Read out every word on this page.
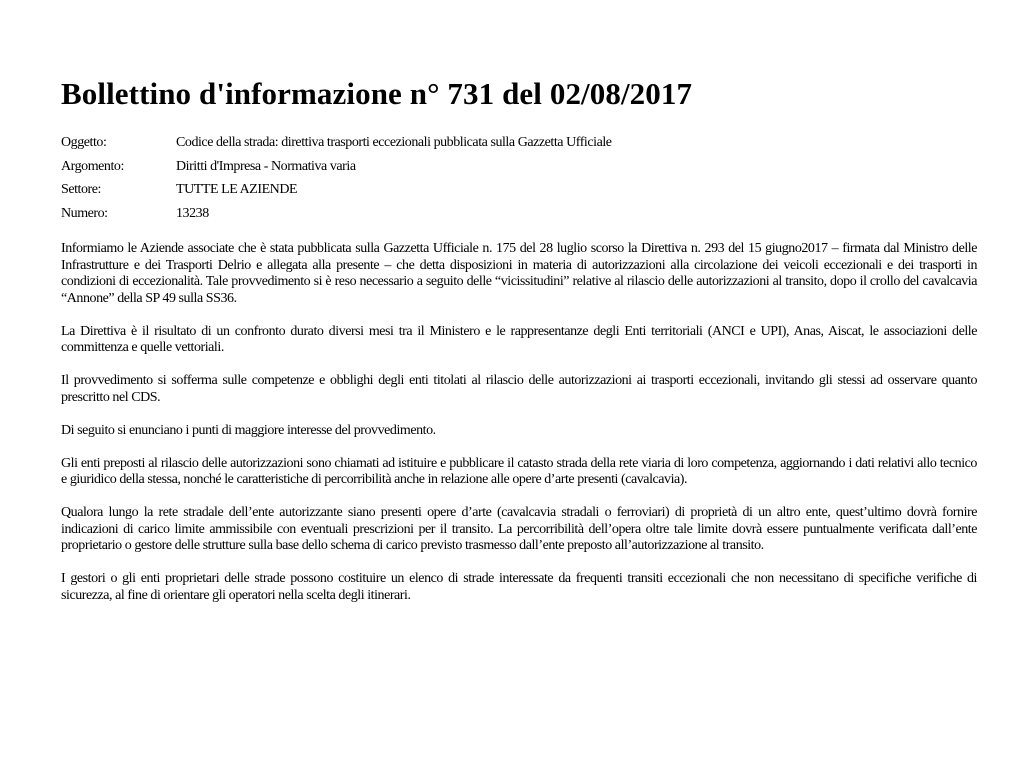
Bollettino d'informazione n° 731 del 02/08/2017
Oggetto:	Codice della strada: direttiva trasporti eccezionali pubblicata sulla Gazzetta Ufficiale
Argomento:	Diritti d'Impresa - Normativa varia
Settore:	TUTTE LE AZIENDE
Numero:	13238

Informiamo le Aziende associate che è stata pubblicata sulla Gazzetta Ufficiale n. 175 del 28 luglio scorso la Direttiva n. 293 del 15 giugno2017 – firmata dal Ministro delle Infrastrutture e dei Trasporti Delrio e allegata alla presente – che detta disposizioni in materia di autorizzazioni alla circolazione dei veicoli eccezionali e dei trasporti in condizioni di eccezionalità. Tale provvedimento si è reso necessario a seguito delle “vicissitudini” relative al rilascio delle autorizzazioni al transito, dopo il crollo del cavalcavia “Annone” della SP 49 sulla SS36.

La Direttiva è il risultato di un confronto durato diversi mesi tra il Ministero e le rappresentanze degli Enti territoriali (ANCI e UPI), Anas, Aiscat, le associazioni delle committenza e quelle vettoriali.

Il provvedimento si sofferma sulle competenze e obblighi degli enti titolati al rilascio delle autorizzazioni ai trasporti eccezionali, invitando gli stessi ad osservare quanto prescritto nel CDS.

Di seguito si enunciano i punti di maggiore interesse del provvedimento.

Gli enti preposti al rilascio delle autorizzazioni sono chiamati ad istituire e pubblicare il catasto strada della rete viaria di loro competenza, aggiornando i dati relativi allo tecnico e giuridico della stessa, nonché le caratteristiche di percorribilità anche in relazione alle opere d’arte presenti (cavalcavia).

Qualora lungo la rete stradale dell’ente autorizzante siano presenti opere d’arte (cavalcavia stradali o ferroviari) di proprietà di un altro ente, quest’ultimo dovrà fornire indicazioni di carico limite ammissibile con eventuali prescrizioni per il transito. La percorribilità dell’opera oltre tale limite dovrà essere puntualmente verificata dall’ente proprietario o gestore delle strutture sulla base dello schema di carico previsto trasmesso dall’ente preposto all’autorizzazione al transito.

I gestori o gli enti proprietari delle strade possono costituire un elenco di strade interessate da frequenti transiti eccezionali che non necessitano di specifiche verifiche di sicurezza, al fine di orientare gli operatori nella scelta degli itinerari.
